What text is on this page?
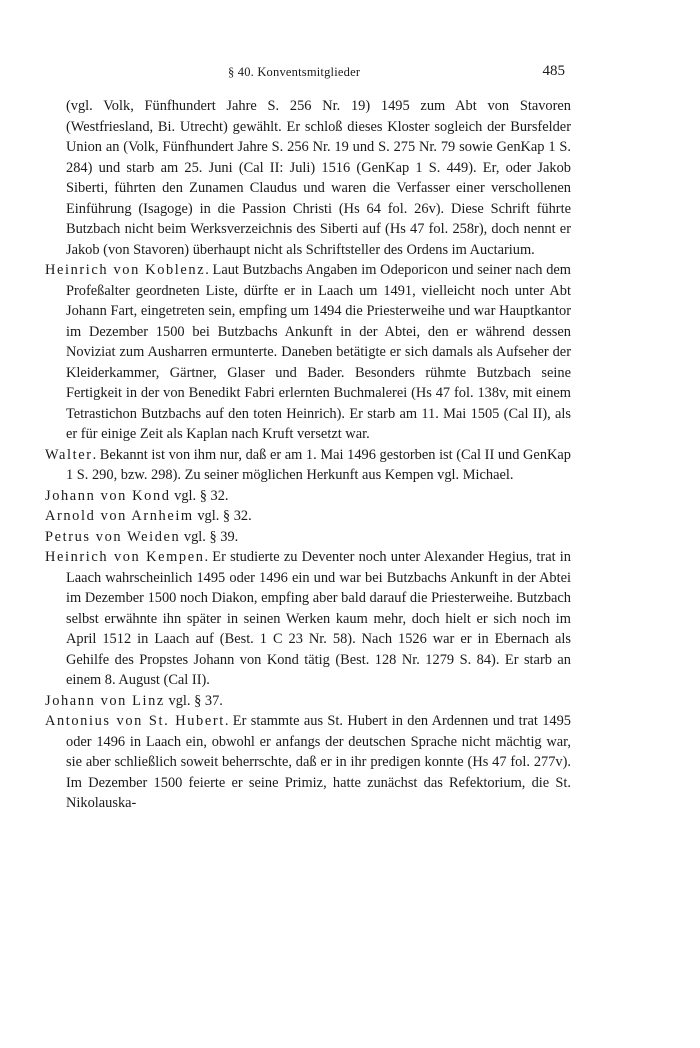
§ 40. Konventsmitglieder	485

(vgl. Volk, Fünfhundert Jahre S. 256 Nr. 19) 1495 zum Abt von Stavoren (Westfriesland, Bi. Utrecht) gewählt. Er schloß dieses Kloster sogleich der Bursfelder Union an (Volk, Fünfhundert Jahre S. 256 Nr. 19 und S. 275 Nr. 79 sowie GenKap 1 S. 284) und starb am 25. Juni (Cal II: Juli) 1516 (GenKap 1 S. 449). Er, oder Jakob Siberti, führten den Zunamen Claudus und waren die Verfasser einer verschollenen Einführung (Isagoge) in die Passion Christi (Hs 64 fol. 26v). Diese Schrift führte Butzbach nicht beim Werksverzeichnis des Siberti auf (Hs 47 fol. 258r), doch nennt er Jakob (von Stavoren) überhaupt nicht als Schriftsteller des Ordens im Auctarium.

Heinrich von Koblenz. Laut Butzbachs Angaben im Odeporicon und seiner nach dem Profeßalter geordneten Liste, dürfte er in Laach um 1491, vielleicht noch unter Abt Johann Fart, eingetreten sein, empfing um 1494 die Priesterweihe und war Hauptkantor im Dezember 1500 bei Butzbachs Ankunft in der Abtei, den er während dessen Noviziat zum Ausharren ermunterte. Daneben betätigte er sich damals als Aufseher der Kleiderkammer, Gärtner, Glaser und Bader. Besonders rühmte Butzbach seine Fertigkeit in der von Benedikt Fabri erlernten Buchmalerei (Hs 47 fol. 138v, mit einem Tetrastichon Butzbachs auf den toten Heinrich). Er starb am 11. Mai 1505 (Cal II), als er für einige Zeit als Kaplan nach Kruft versetzt war.

Walter. Bekannt ist von ihm nur, daß er am 1. Mai 1496 gestorben ist (Cal II und GenKap 1 S. 290, bzw. 298). Zu seiner möglichen Herkunft aus Kempen vgl. Michael.

Johann von Kond vgl. § 32.

Arnold von Arnheim vgl. § 32.

Petrus von Weiden vgl. § 39.

Heinrich von Kempen. Er studierte zu Deventer noch unter Alexander Hegius, trat in Laach wahrscheinlich 1495 oder 1496 ein und war bei Butzbachs Ankunft in der Abtei im Dezember 1500 noch Diakon, empfing aber bald darauf die Priesterweihe. Butzbach selbst erwähnte ihn später in seinen Werken kaum mehr, doch hielt er sich noch im April 1512 in Laach auf (Best. 1 C 23 Nr. 58). Nach 1526 war er in Ebernach als Gehilfe des Propstes Johann von Kond tätig (Best. 128 Nr. 1279 S. 84). Er starb an einem 8. August (Cal II).

Johann von Linz vgl. § 37.

Antonius von St. Hubert. Er stammte aus St. Hubert in den Ardennen und trat 1495 oder 1496 in Laach ein, obwohl er anfangs der deutschen Sprache nicht mächtig war, sie aber schließlich soweit beherrschte, daß er in ihr predigen konnte (Hs 47 fol. 277v). Im Dezember 1500 feierte er seine Primiz, hatte zunächst das Refektorium, die St. Nikolauska-
